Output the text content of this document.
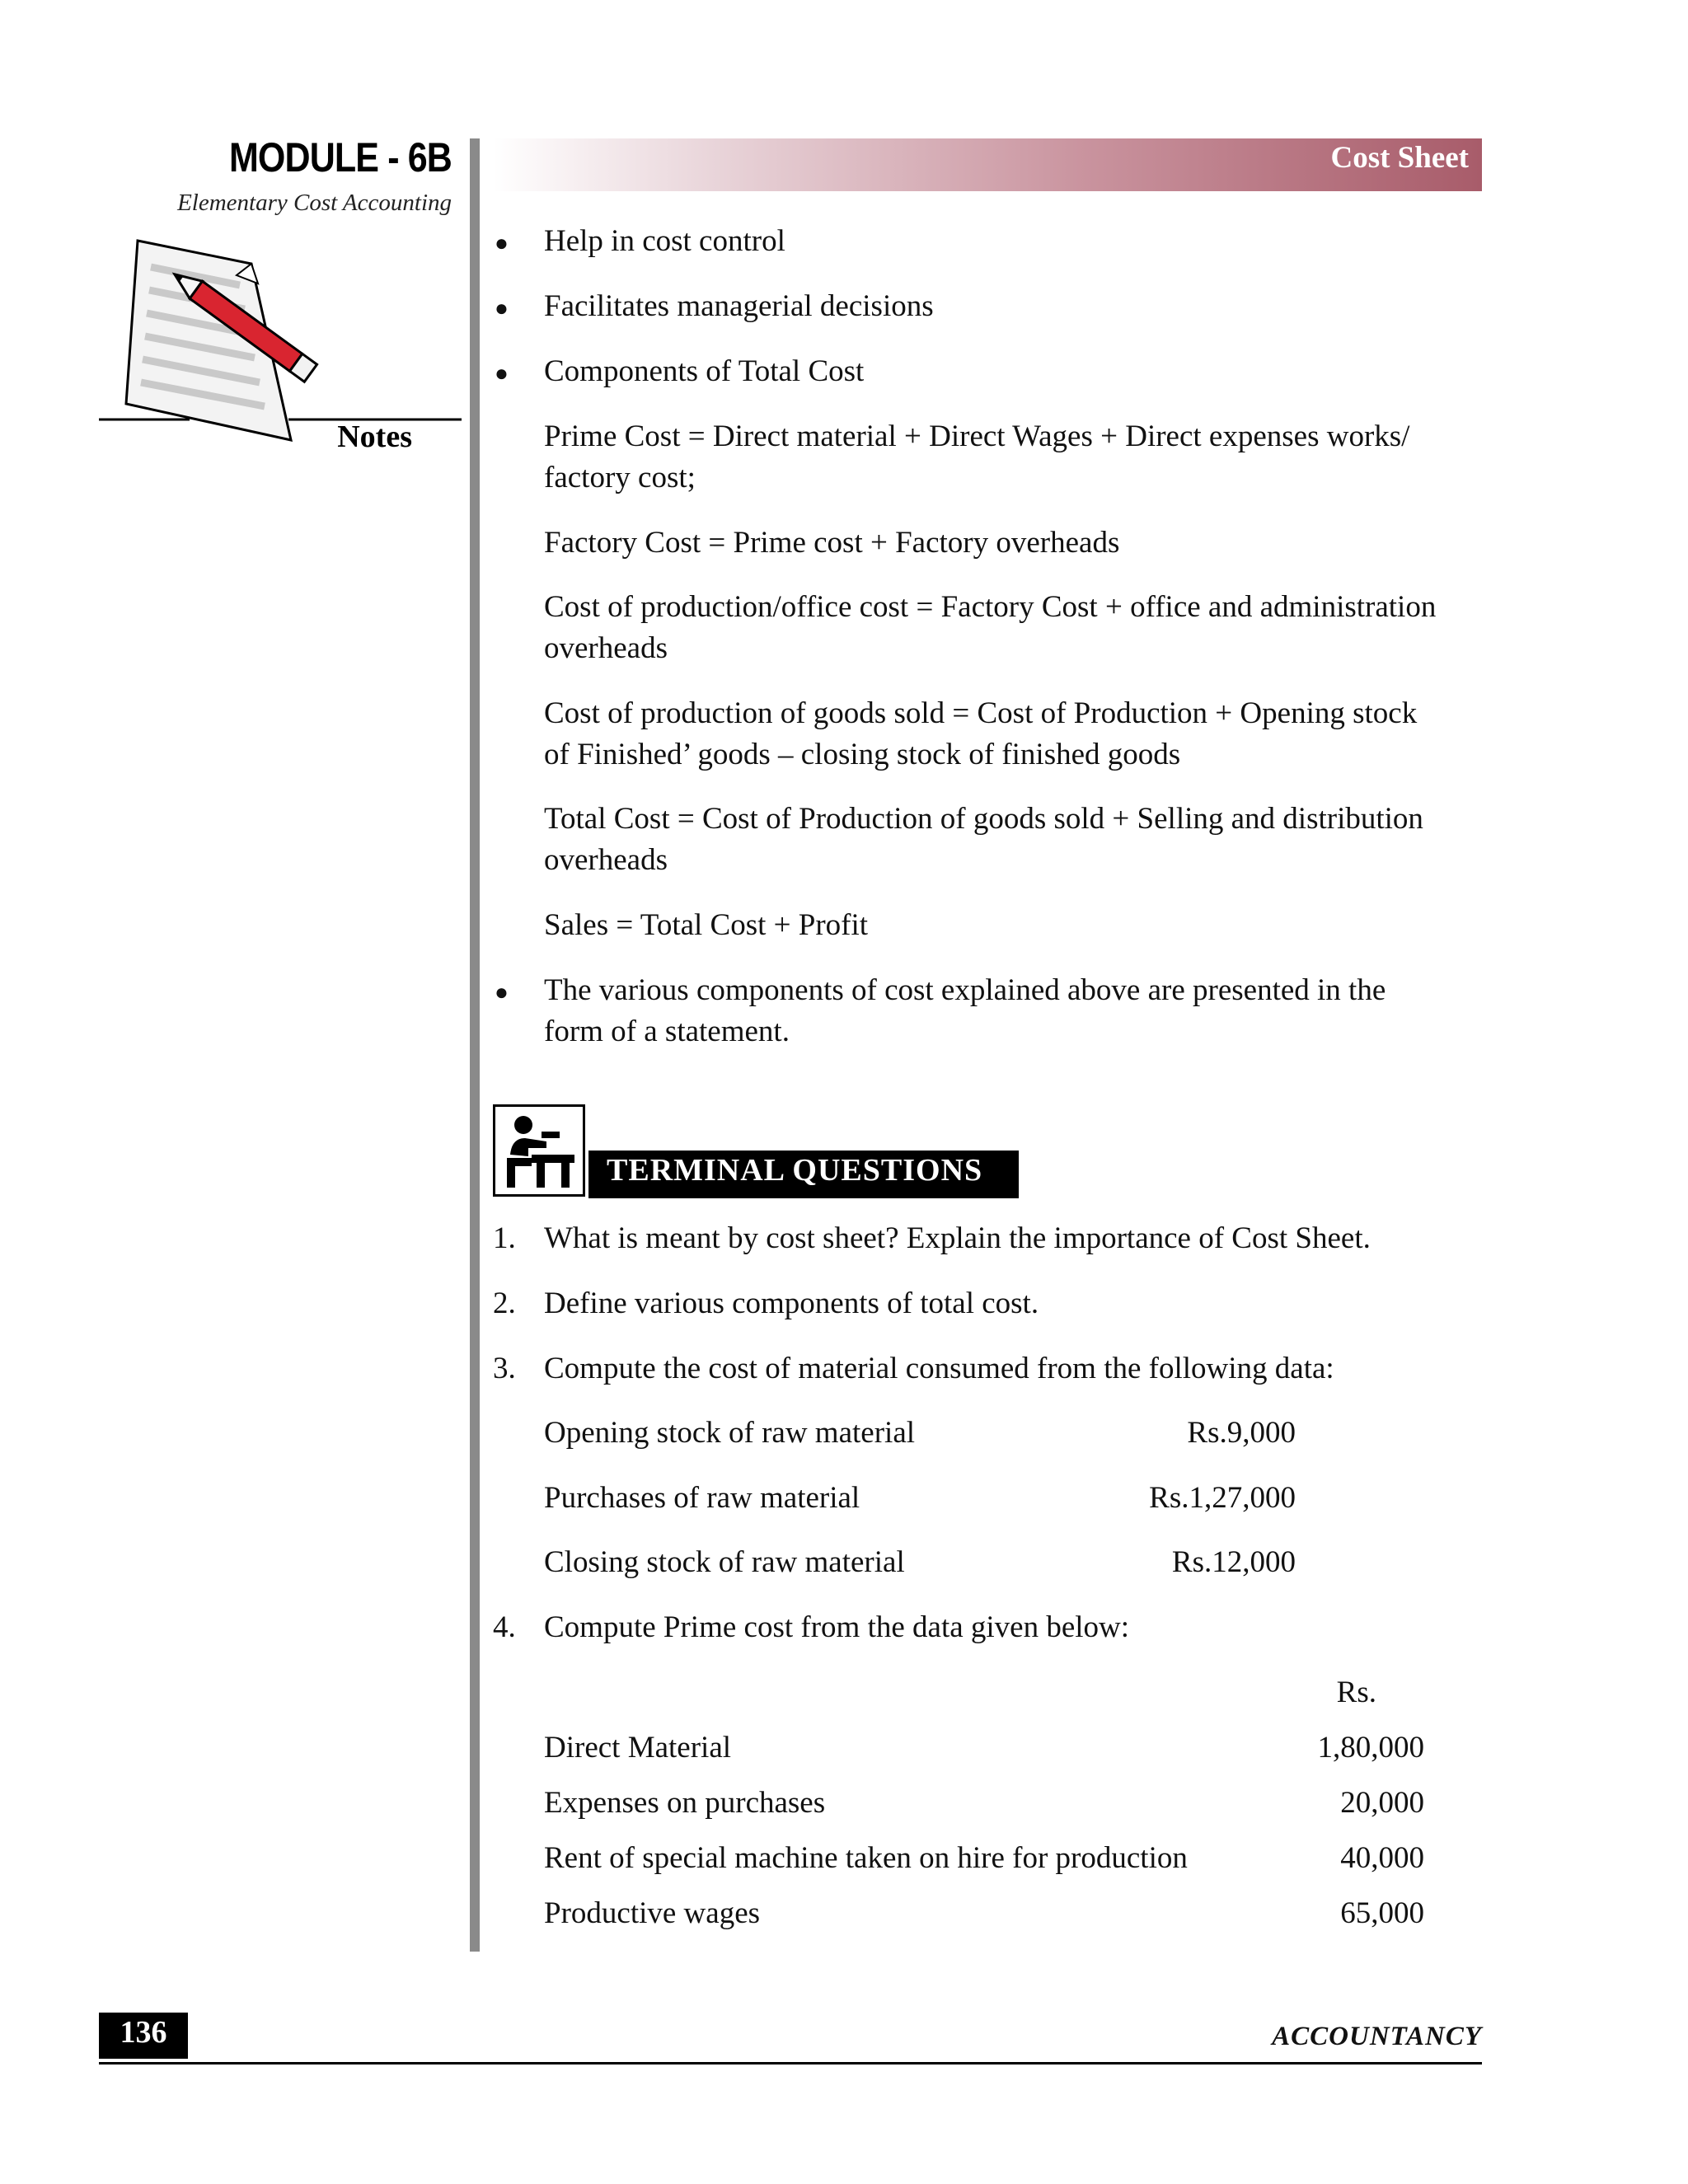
MODULE - 6B
Elementary Cost Accounting
Notes
Cost Sheet
● Help in cost control
● Facilitates managerial decisions
● Components of Total Cost
Prime Cost = Direct material + Direct Wages + Direct expenses works/
factory cost;
Factory Cost = Prime cost + Factory overheads
Cost of production/office cost = Factory Cost + office and administration
overheads
Cost of production of goods sold = Cost of Production + Opening stock
of Finished’ goods – closing stock of finished goods
Total Cost = Cost of Production of goods sold + Selling and distribution
overheads
Sales = Total Cost + Profit
● The various components of cost explained above are presented in the
form of a statement.
TERMINAL QUESTIONS
1. What is meant by cost sheet? Explain the importance of Cost Sheet.
2. Define various components of total cost.
3. Compute the cost of material consumed from the following data:
Opening stock of raw material	Rs.9,000
Purchases of raw material	Rs.1,27,000
Closing stock of raw material	Rs.12,000
4. Compute Prime cost from the data given below:
Rs.
Direct Material	1,80,000
Expenses on purchases	20,000
Rent of special machine taken on hire for production	40,000
Productive wages	65,000
136	ACCOUNTANCY
